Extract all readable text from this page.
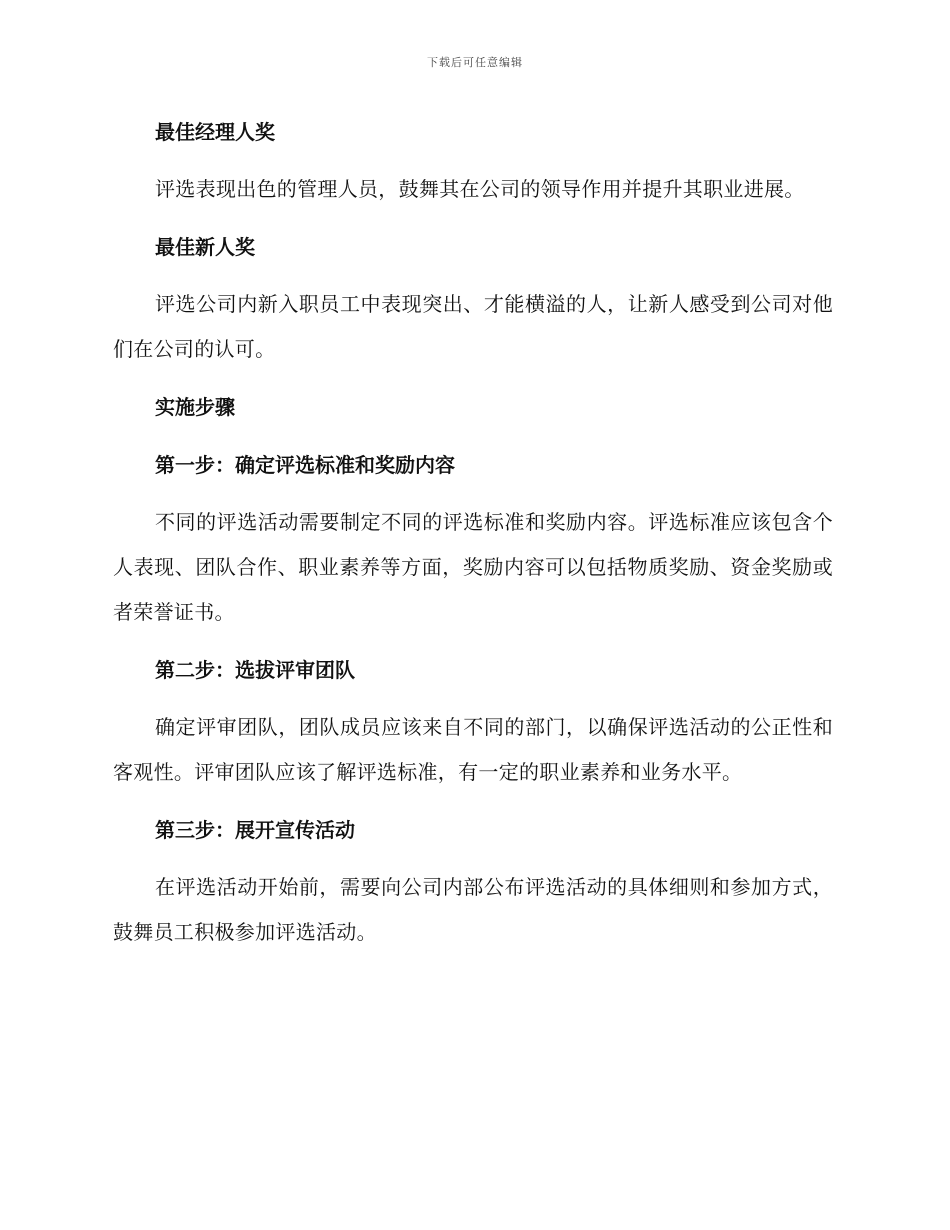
下载后可任意编辑
最佳经理人奖

评选表现出色的管理人员，鼓舞其在公司的领导作用并提升其职业进展。

最佳新人奖

评选公司内新入职员工中表现突出、才能横溢的人，让新人感受到公司对他们在公司的认可。

实施步骤
第一步：确定评选标准和奖励内容

不同的评选活动需要制定不同的评选标准和奖励内容。评选标准应该包含个人表现、团队合作、职业素养等方面，奖励内容可以包括物质奖励、资金奖励或者荣誉证书。

第二步：选拔评审团队

确定评审团队，团队成员应该来自不同的部门，以确保评选活动的公正性和客观性。评审团队应该了解评选标准，有一定的职业素养和业务水平。

第三步：展开宣传活动

在评选活动开始前，需要向公司内部公布评选活动的具体细则和参加方式，鼓舞员工积极参加评选活动。
